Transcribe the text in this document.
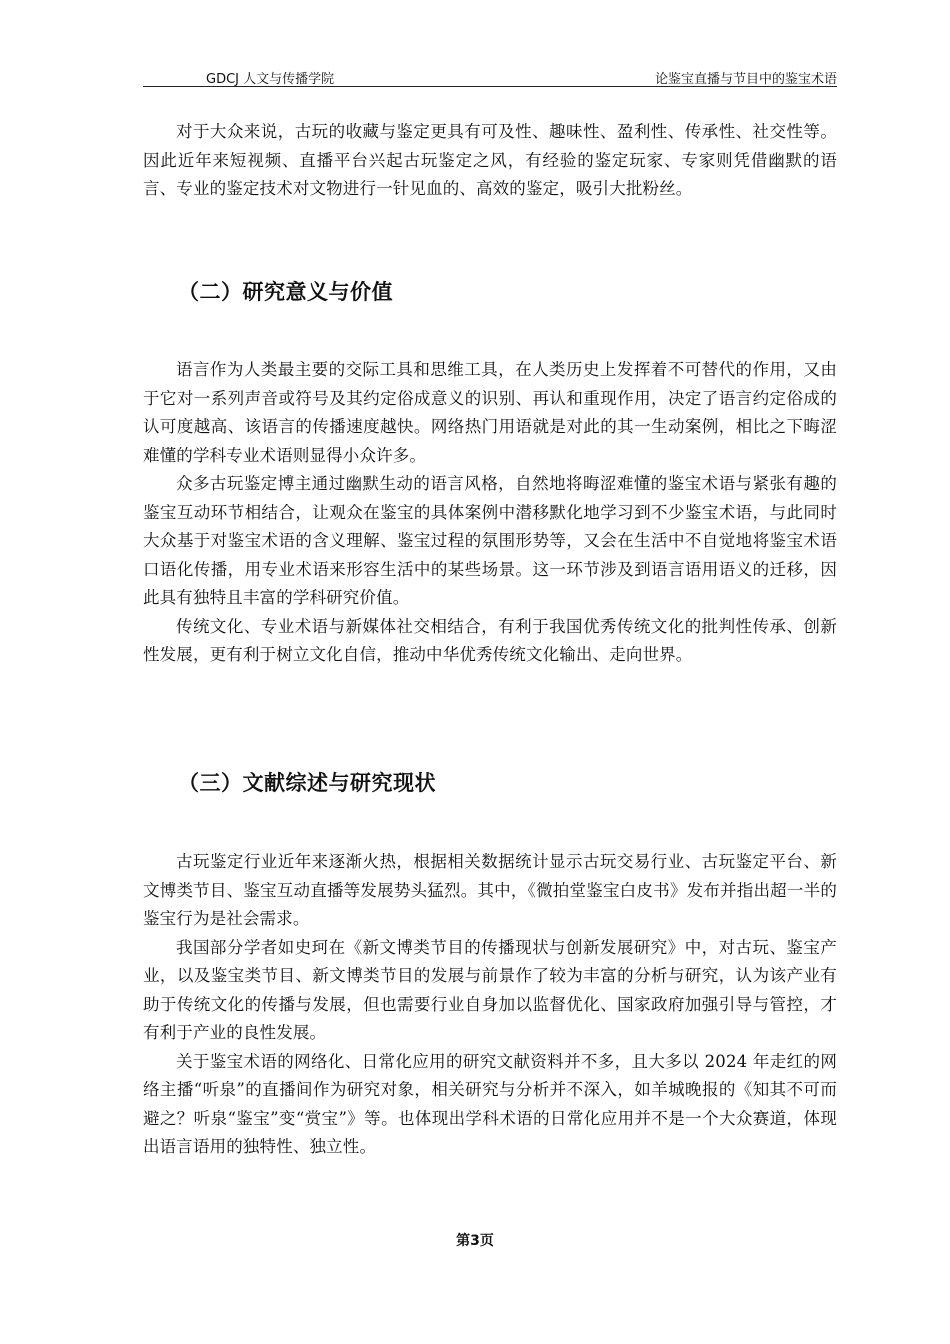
GDCJ 人文与传播学院	论鉴宝直播与节目中的鉴宝术语

对于大众来说，古玩的收藏与鉴定更具有可及性、趣味性、盈利性、传承性、社交性等。因此近年来短视频、直播平台兴起古玩鉴定之风，有经验的鉴定玩家、专家则凭借幽默的语言、专业的鉴定技术对文物进行一针见血的、高效的鉴定，吸引大批粉丝。

（二）研究意义与价值

语言作为人类最主要的交际工具和思维工具，在人类历史上发挥着不可替代的作用，又由于它对一系列声音或符号及其约定俗成意义的识别、再认和重现作用，决定了语言约定俗成的认可度越高、该语言的传播速度越快。网络热门用语就是对此的其一生动案例，相比之下晦涩难懂的学科专业术语则显得小众许多。

众多古玩鉴定博主通过幽默生动的语言风格，自然地将晦涩难懂的鉴宝术语与紧张有趣的鉴宝互动环节相结合，让观众在鉴宝的具体案例中潜移默化地学习到不少鉴宝术语，与此同时大众基于对鉴宝术语的含义理解、鉴宝过程的氛围形势等，又会在生活中不自觉地将鉴宝术语口语化传播，用专业术语来形容生活中的某些场景。这一环节涉及到语言语用语义的迁移，因此具有独特且丰富的学科研究价值。

传统文化、专业术语与新媒体社交相结合，有利于我国优秀传统文化的批判性传承、创新性发展，更有利于树立文化自信，推动中华优秀传统文化输出、走向世界。

（三）文献综述与研究现状

古玩鉴定行业近年来逐渐火热，根据相关数据统计显示古玩交易行业、古玩鉴定平台、新文博类节目、鉴宝互动直播等发展势头猛烈。其中，《微拍堂鉴宝白皮书》发布并指出超一半的鉴宝行为是社会需求。

我国部分学者如史珂在《新文博类节目的传播现状与创新发展研究》中，对古玩、鉴宝产业，以及鉴宝类节目、新文博类节目的发展与前景作了较为丰富的分析与研究，认为该产业有助于传统文化的传播与发展，但也需要行业自身加以监督优化、国家政府加强引导与管控，才有利于产业的良性发展。

关于鉴宝术语的网络化、日常化应用的研究文献资料并不多，且大多以 2024 年走红的网络主播“听泉”的直播间作为研究对象，相关研究与分析并不深入，如羊城晚报的《知其不可而避之？听泉“鉴宝”变“赏宝”》等。也体现出学科术语的日常化应用并不是一个大众赛道，体现出语言语用的独特性、独立性。

第3页
